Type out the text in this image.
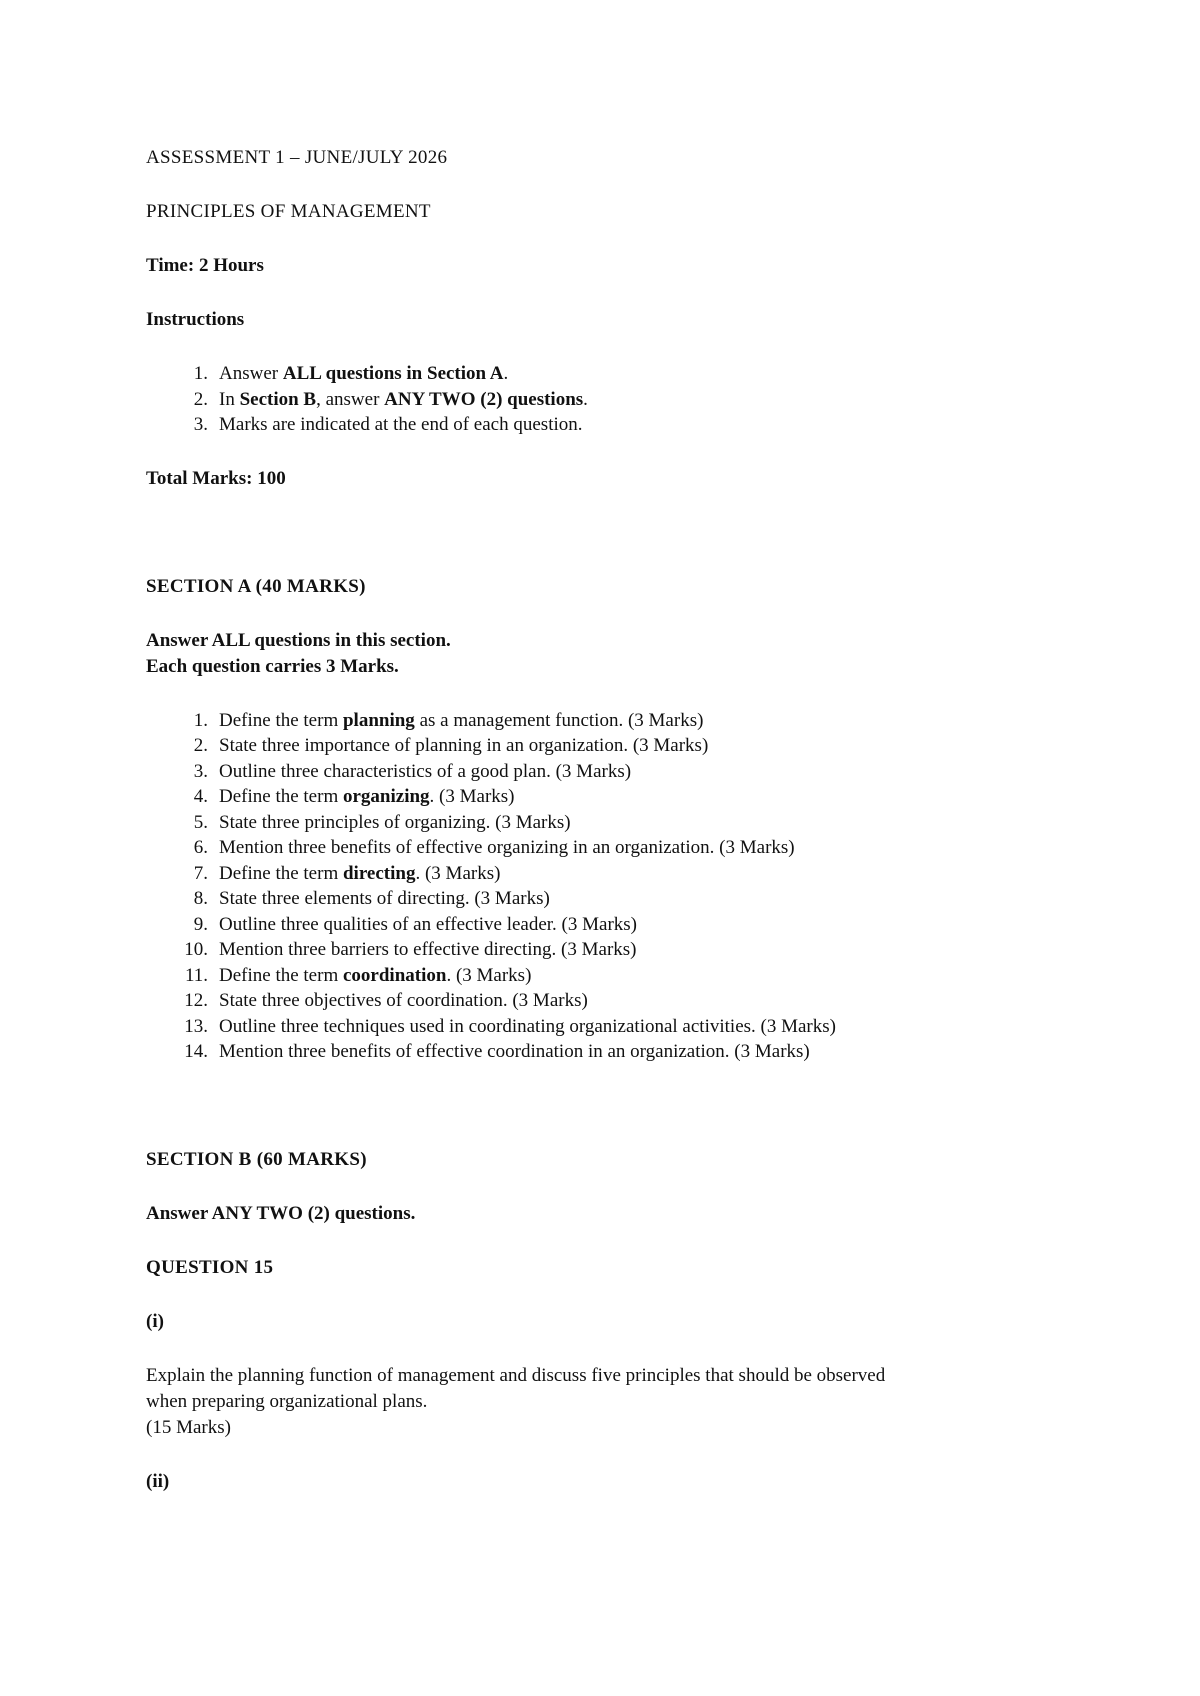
ASSESSMENT 1 – JUNE/JULY 2026

PRINCIPLES OF MANAGEMENT

Time: 2 Hours

Instructions

1. Answer ALL questions in Section A.
2. In Section B, answer ANY TWO (2) questions.
3. Marks are indicated at the end of each question.

Total Marks: 100

SECTION A (40 MARKS)

Answer ALL questions in this section.

Each question carries 3 Marks.

1. Define the term planning as a management function. (3 Marks)
2. State three importance of planning in an organization. (3 Marks)
3. Outline three characteristics of a good plan. (3 Marks)
4. Define the term organizing. (3 Marks)
5. State three principles of organizing. (3 Marks)
6. Mention three benefits of effective organizing in an organization. (3 Marks)
7. Define the term directing. (3 Marks)
8. State three elements of directing. (3 Marks)
9. Outline three qualities of an effective leader. (3 Marks)
10. Mention three barriers to effective directing. (3 Marks)
11. Define the term coordination. (3 Marks)
12. State three objectives of coordination. (3 Marks)
13. Outline three techniques used in coordinating organizational activities. (3 Marks)
14. Mention three benefits of effective coordination in an organization. (3 Marks)

SECTION B (60 MARKS)

Answer ANY TWO (2) questions.

QUESTION 15

(i)

Explain the planning function of management and discuss five principles that should be observed

when preparing organizational plans.

(15 Marks)

(ii)
